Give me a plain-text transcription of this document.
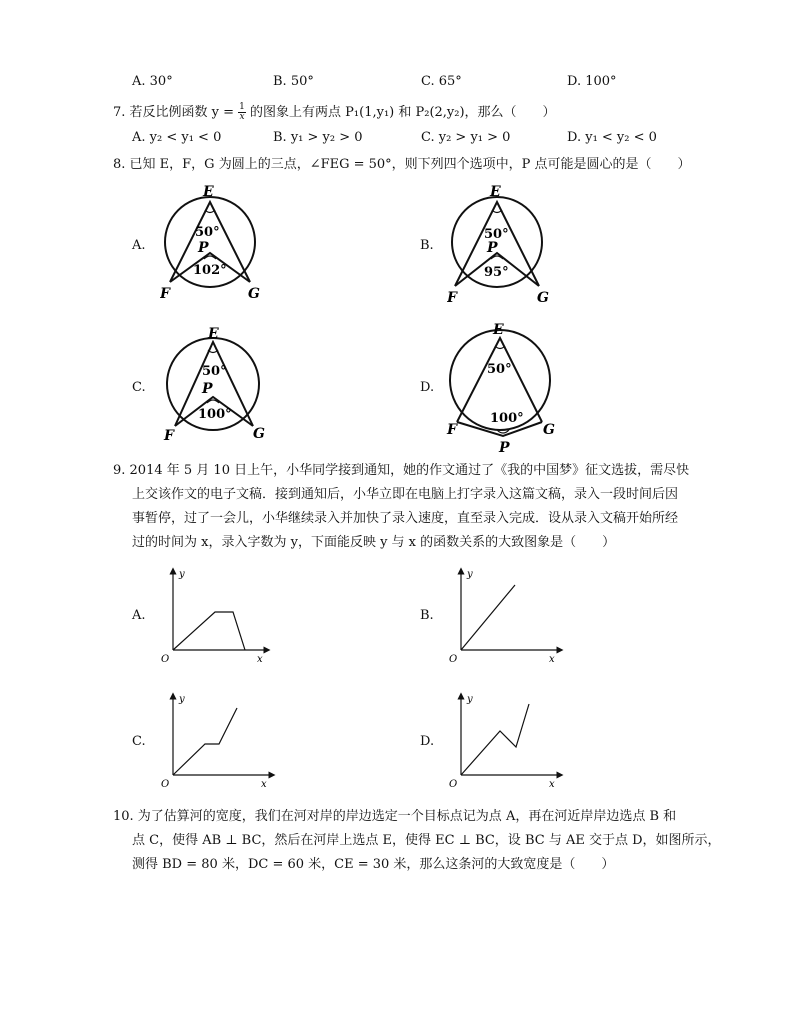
A. 30°	B. 50°	C. 65°	D. 100°
7. 若反比例函数 $y = \frac{1}{x}$ 的图象上有两点 P₁(1,y₁) 和 P₂(2,y₂)，那么（　　）
A. y₂ < y₁ < 0	B. y₁ > y₂ > 0	C. y₂ > y₁ > 0	D. y₁ < y₂ < 0
8. 已知 E，F，G 为圆上的三点，∠FEG = 50°，则下列四个选项中，P 点可能是圆心的是（　　）
A.	B.
C.	D.
E
50°
P
102°
F	G
E
50°
P
95°
F	G
E
50°
P
100°
F	G
E
50°
100°
F	G
P
9. 2014 年 5 月 10 日上午，小华同学接到通知，她的作文通过了《我的中国梦》征文选拔，需尽快
上交该作文的电子文稿．接到通知后，小华立即在电脑上打字录入这篇文稿，录入一段时间后因
事暂停，过了一会儿，小华继续录入并加快了录入速度，直至录入完成．设从录入文稿开始所经
过的时间为 x，录入字数为 y，下面能反映 y 与 x 的函数关系的大致图象是（　　）
A.	B.
C.	D.
y
x
O
y
x
O
y
x
O
y
x
O
10. 为了估算河的宽度，我们在河对岸的岸边选定一个目标点记为点 A，再在河近岸岸边选点 B 和
点 C，使得 AB ⊥ BC，然后在河岸上选点 E，使得 EC ⊥ BC，设 BC 与 AE 交于点 D，如图所示，
测得 BD = 80 米，DC = 60 米，CE = 30 米，那么这条河的大致宽度是（　　）
